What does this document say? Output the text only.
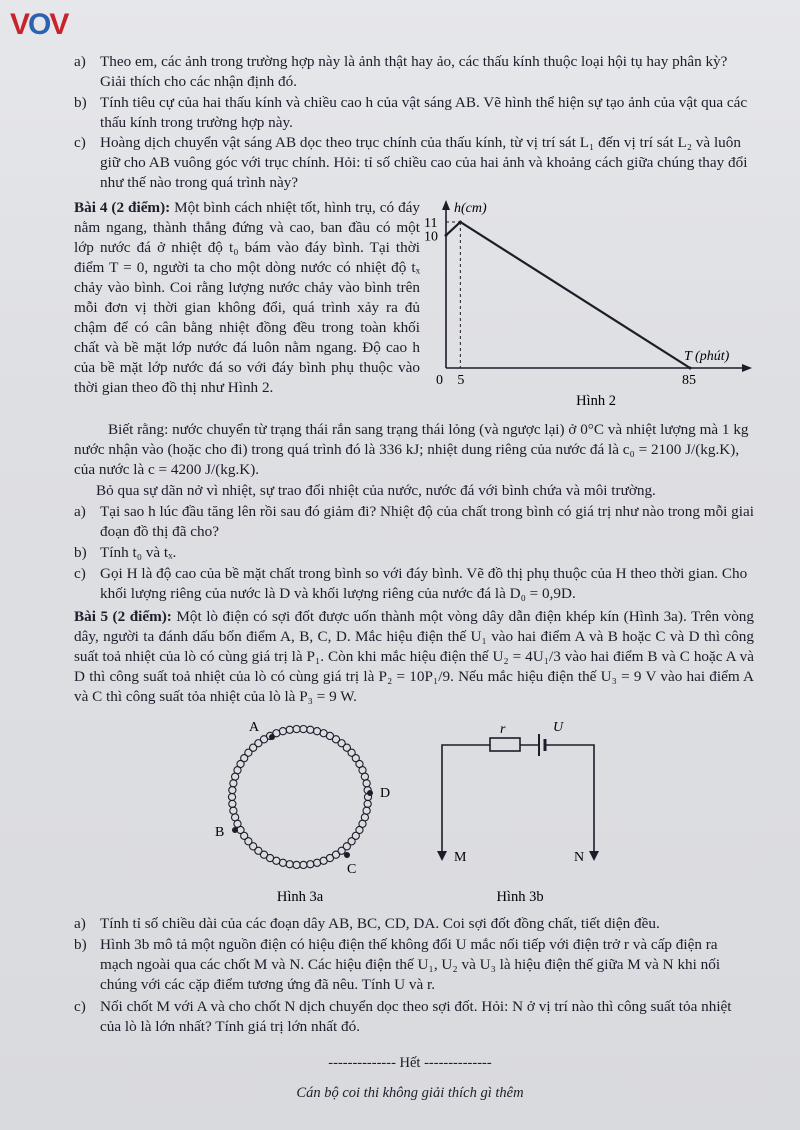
VOV
a) Theo em, các ảnh trong trường hợp này là ảnh thật hay ảo, các thấu kính thuộc loại hội tụ hay phân kỳ? Giải thích cho các nhận định đó.
b) Tính tiêu cự của hai thấu kính và chiều cao h của vật sáng AB. Vẽ hình thể hiện sự tạo ảnh của vật qua các thấu kính trong trường hợp này.
c) Hoàng dịch chuyển vật sáng AB dọc theo trục chính của thấu kính, từ vị trí sát L₁ đến vị trí sát L₂ và luôn giữ cho AB vuông góc với trục chính. Hỏi: tỉ số chiều cao của hai ảnh và khoảng cách giữa chúng thay đổi như thế nào trong quá trình này?

Bài 4 (2 điểm): Một bình cách nhiệt tốt, hình trụ, có đáy nằm ngang, thành thẳng đứng và cao, ban đầu có một lớp nước đá ở nhiệt độ t₀ bám vào đáy bình. Tại thời điểm T = 0, người ta cho một dòng nước có nhiệt độ tₓ chảy vào bình. Coi rằng lượng nước chảy vào bình trên mỗi đơn vị thời gian không đổi, quá trình xảy ra đủ chậm để có cân bằng nhiệt đồng đều trong toàn khối chất và bề mặt lớp nước đá luôn nằm ngang. Độ cao h của bề mặt lớp nước đá so với đáy bình phụ thuộc vào thời gian theo đồ thị như Hình 2.	0 5	85
10
11
h(cm)
T (phút)
Hình 2

Biết rằng: nước chuyển từ trạng thái rắn sang trạng thái lỏng (và ngược lại) ở 0°C và nhiệt lượng mà 1 kg nước nhận vào (hoặc cho đi) trong quá trình đó là 336 kJ; nhiệt dung riêng của nước đá là c₀ = 2100 J/(kg.K), của nước là c = 4200 J/(kg.K).

Bỏ qua sự dãn nở vì nhiệt, sự trao đổi nhiệt của nước, nước đá với bình chứa và môi trường.

a) Tại sao h lúc đầu tăng lên rồi sau đó giảm đi? Nhiệt độ của chất trong bình có giá trị như nào trong mỗi giai đoạn đồ thị đã cho?
b) Tính t₀ và tₓ.
c) Gọi H là độ cao của bề mặt chất trong bình so với đáy bình. Vẽ đồ thị phụ thuộc của H theo thời gian. Cho khối lượng riêng của nước là D và khối lượng riêng của nước đá là D₀ = 0,9D.

Bài 5 (2 điểm): Một lò điện có sợi đốt được uốn thành một vòng dây dẫn điện khép kín (Hình 3a). Trên vòng dây, người ta đánh dấu bốn điểm A, B, C, D. Mắc hiệu điện thế U₁ vào hai điểm A và B hoặc C và D thì công suất toả nhiệt của lò có cùng giá trị là P₁. Còn khi mắc hiệu điện thế U₂ = 4U₁/3 vào hai điểm B và C hoặc A và D thì công suất toả nhiệt của lò có cùng giá trị là P₂ = 10P₁/9. Nếu mắc hiệu điện thế U₃ = 9 V vào hai điểm A và C thì công suất tỏa nhiệt của lò là P₃ = 9 W.

A
D
B
C
Hình 3a
r	U
M	N
Hình 3b
a) Tính tỉ số chiều dài của các đoạn dây AB, BC, CD, DA. Coi sợi đốt đồng chất, tiết diện đều.
b) Hình 3b mô tả một nguồn điện có hiệu điện thế không đổi U mắc nối tiếp với điện trở r và cấp điện ra mạch ngoài qua các chốt M và N. Các hiệu điện thế U₁, U₂ và U₃ là hiệu điện thế giữa M và N khi nối chúng với các cặp điểm tương ứng đã nêu. Tính U và r.
c) Nối chốt M với A và cho chốt N dịch chuyển dọc theo sợi đốt. Hỏi: N ở vị trí nào thì công suất tỏa nhiệt của lò là lớn nhất? Tính giá trị lớn nhất đó.

-------------- Hết --------------

Cán bộ coi thi không giải thích gì thêm
